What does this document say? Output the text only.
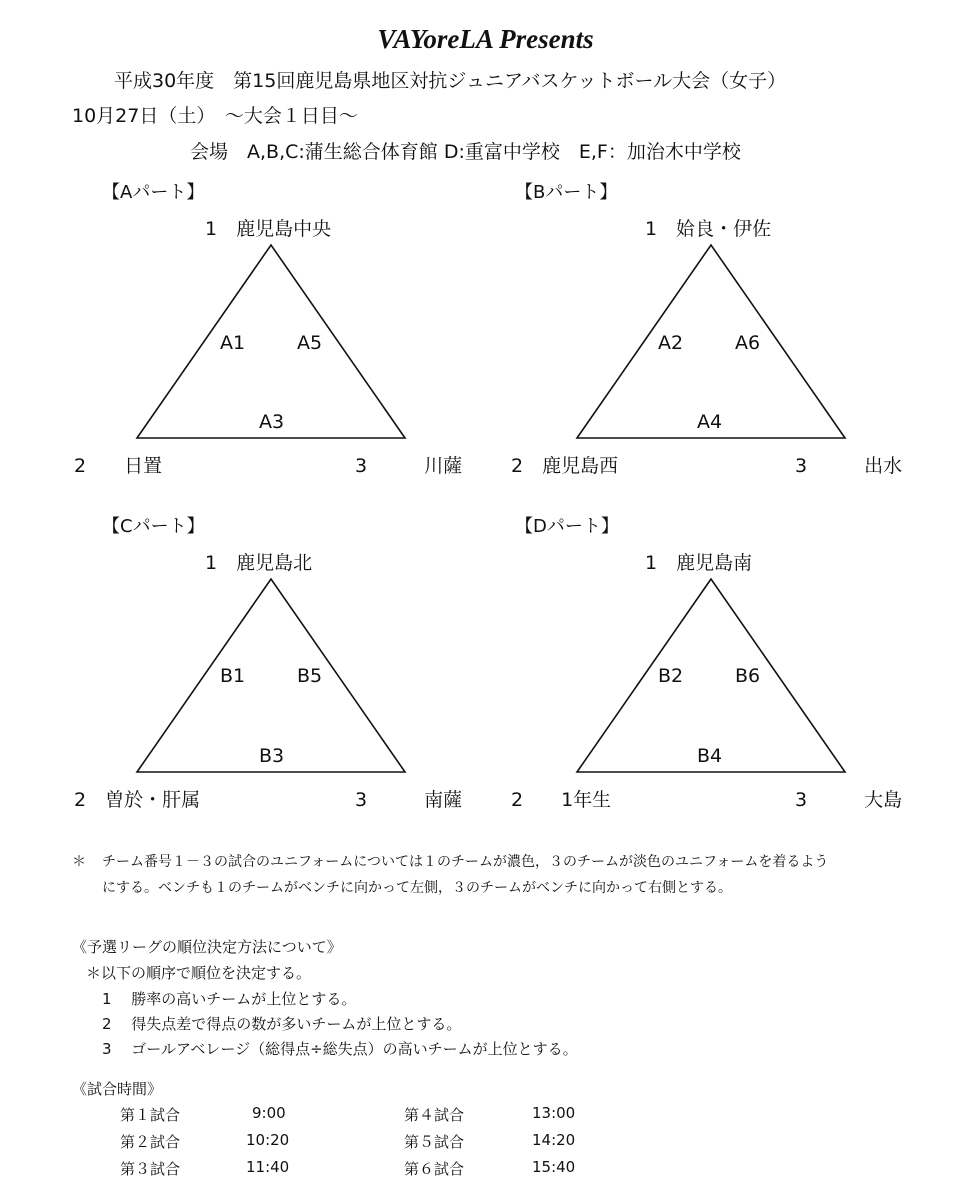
VAYoreLA Presents
平成30年度　第15回鹿児島県地区対抗ジュニアバスケットボール大会（女子）
10月27日（土）　～大会１日目～
会場　A,B,C:蒲生総合体育館 D:重富中学校　E,F：加治木中学校
【Aパート】
1　鹿児島中央
A1	A5
A3
2　　日置	3　　　川薩
【Bパート】
1　姶良・伊佐
A2	A6
A4
2　鹿児島西	3　　　出水
【Cパート】
1　鹿児島北
B1	B5
B3
2　曽於・肝属	3　　　南薩
【Dパート】
1　鹿児島南
B2	B6
B4
2　　1年生	3　　　大島
＊ チーム番号１－３の試合のユニフォームについては１のチームが濃色，３のチームが淡色のユニフォームを着るよう
にする。ベンチも１のチームがベンチに向かって左側，３のチームがベンチに向かって右側とする。
《予選リーグの順位決定方法について》
＊以下の順序で順位を決定する。
1　 勝率の高いチームが上位とする。
2　 得失点差で得点の数が多いチームが上位とする。
3　 ゴールアベレージ（総得点÷総失点）の高いチームが上位とする。
《試合時間》
第１試合	9:00
第２試合	10:20
第３試合	11:40
第４試合	13:00
第５試合	14:20
第６試合	15:40
